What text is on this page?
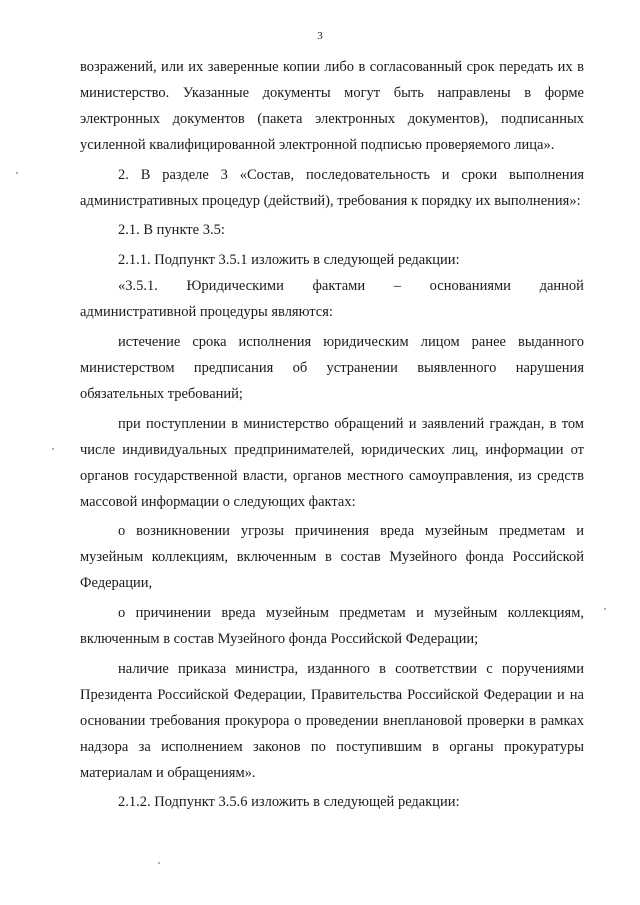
3

возражений, или их заверенные копии либо в согласованный срок передать их в министерство. Указанные документы могут быть направлены в форме электронных документов (пакета электронных документов), подписанных усиленной квалифицированной электронной подписью проверяемого лица».

2. В разделе 3 «Состав, последовательность и сроки выполнения административных процедур (действий), требования к порядку их выполнения»:

2.1. В пункте 3.5:

2.1.1. Подпункт 3.5.1 изложить в следующей редакции:

«3.5.1. Юридическими фактами – основаниями данной

административной процедуры являются:

истечение срока исполнения юридическим лицом ранее выданного министерством предписания об устранении выявленного нарушения обязательных требований;

при поступлении в министерство обращений и заявлений граждан, в том числе индивидуальных предпринимателей, юридических лиц, информации от органов государственной власти, органов местного самоуправления, из средств массовой информации о следующих фактах:

о возникновении угрозы причинения вреда музейным предметам и музейным коллекциям, включенным в состав Музейного фонда Российской Федерации,

о причинении вреда музейным предметам и музейным коллекциям, включенным в состав Музейного фонда Российской Федерации;

наличие приказа министра, изданного в соответствии с поручениями Президента Российской Федерации, Правительства Российской Федерации и на основании требования прокурора о проведении внеплановой проверки в рамках надзора за исполнением законов по поступившим в органы прокуратуры материалам и обращениям».

2.1.2. Подпункт 3.5.6 изложить в следующей редакции:
